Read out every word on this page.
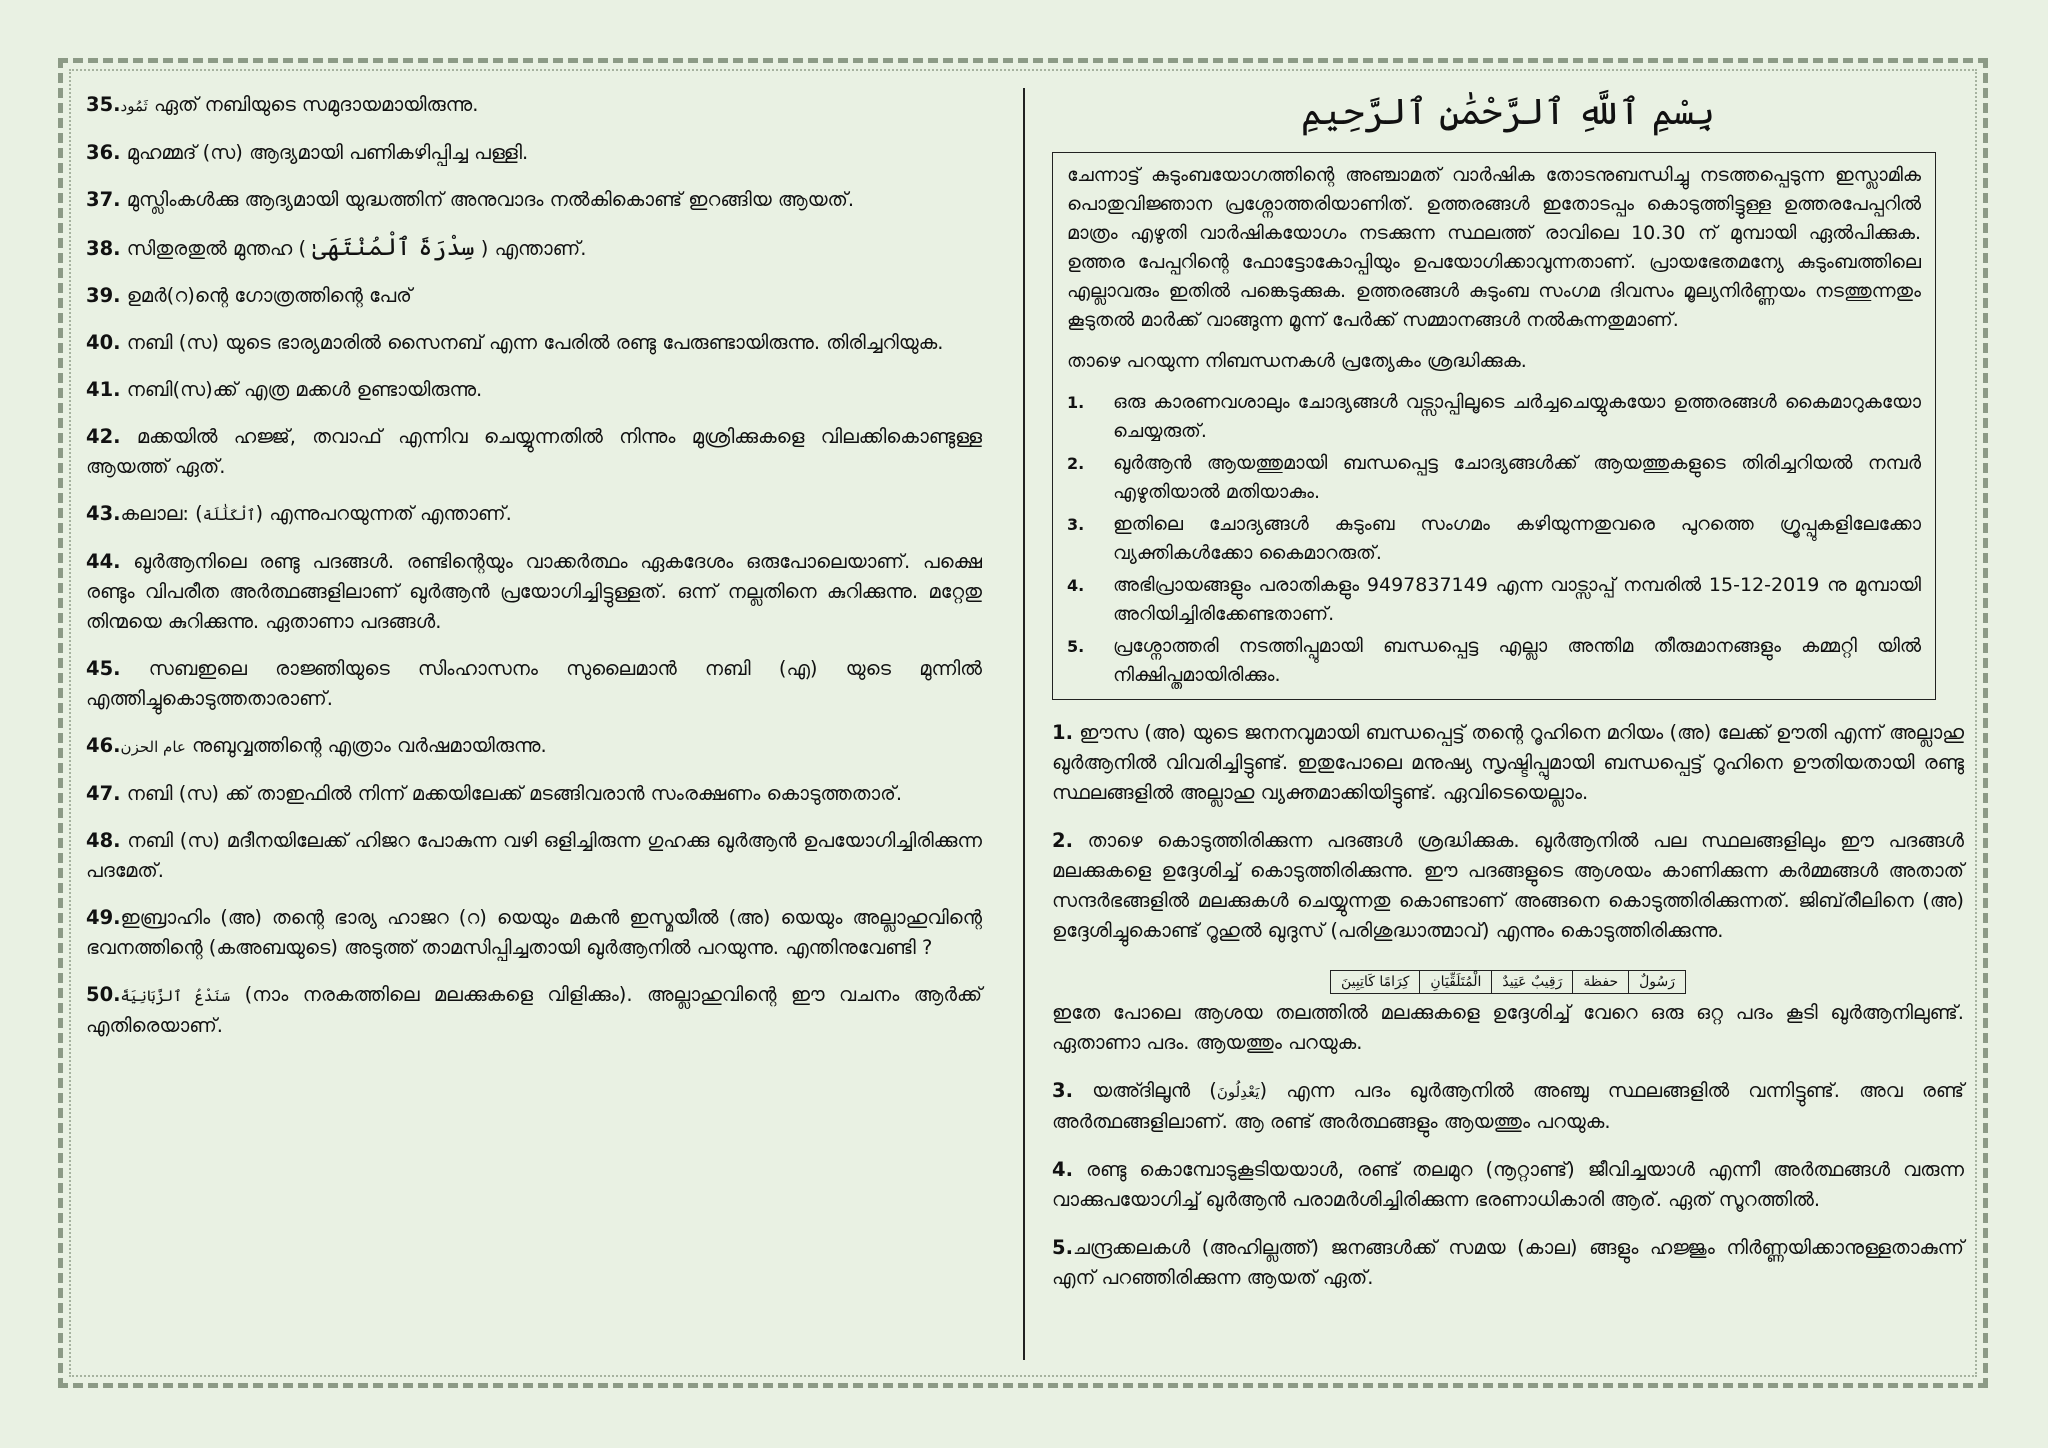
35.ثَمُود ഏത് നബിയുടെ സമുദായമായിരുന്നു.

36. മുഹമ്മദ് (സ) ആദ്യമായി പണികഴിപ്പിച്ച പള്ളി.

37. മുസ്ലിംകൾക്കു ആദ്യമായി യുദ്ധത്തിന് അനുവാദം നൽകികൊണ്ട് ഇറങ്ങിയ ആയത്.

38. സിതുരതുൽ മുന്തഹ ( سِدْرَةَ ٱلْمُنْتَهَىٰ ) എന്താണ്.

39. ഉമർ(റ)ന്റെ ഗോത്രത്തിന്റെ പേര്

40. നബി (സ) യുടെ ഭാര്യമാരിൽ സൈനബ് എന്ന പേരിൽ രണ്ടു പേരുണ്ടായിരുന്നു. തിരിച്ചറിയുക.

41. നബി(സ)ക്ക് എത്ര മക്കൾ ഉണ്ടായിരുന്നു.

42. മക്കയിൽ ഹജ്ജ്, തവാഫ് എന്നിവ ചെയ്യുന്നതിൽ നിന്നും മുശ്രിക്കുകളെ വിലക്കികൊണ്ടുള്ള ആയത്ത് ഏത്.

43.കലാല: (ٱلْكَلَٰلَة) എന്നുപറയുന്നത് എന്താണ്.

44. ഖുർആനിലെ രണ്ടു പദങ്ങൾ. രണ്ടിന്റെയും വാക്കർത്ഥം ഏകദേശം ഒരുപോലെയാണ്. പക്ഷെ രണ്ടും വിപരീത അർത്ഥങ്ങളിലാണ് ഖുർആൻ പ്രയോഗിച്ചിട്ടുള്ളത്. ഒന്ന് നല്ലതിനെ കുറിക്കുന്നു. മറ്റേതു തിന്മയെ കുറിക്കുന്നു. ഏതാണാ പദങ്ങൾ.

45. സബഇലെ രാജ്ഞിയുടെ സിംഹാസനം സുലൈമാൻ നബി (എ) യുടെ മുന്നിൽ എത്തിച്ചുകൊടുത്തതാരാണ്.

46.عام الحزن നുബുവ്വത്തിന്റെ എത്രാം വർഷമായിരുന്നു.

47. നബി (സ) ക്ക് താഇഫിൽ നിന്ന് മക്കയിലേക്ക് മടങ്ങിവരാൻ സംരക്ഷണം കൊടുത്തതാര്.

48. നബി (സ) മദീനയിലേക്ക് ഹിജറ പോകുന്ന വഴി ഒളിച്ചിരുന്ന ഗുഹക്കു ഖുർആൻ ഉപയോഗിച്ചിരിക്കുന്ന പദമേത്.

49.ഇബ്രാഹിം (അ) തന്റെ ഭാര്യ ഹാജറ (റ) യെയും മകൻ ഇസ്മയീൽ (അ) യെയും അല്ലാഹുവിന്റെ ഭവനത്തിന്റെ (കഅബയുടെ) അടുത്ത് താമസിപ്പിച്ചതായി ഖുർആനിൽ പറയുന്നു. എന്തിനുവേണ്ടി ?

50.سَنَدْعُ ٱلزَّبَانِيَةَ (നാം നരകത്തിലെ മലക്കുകളെ വിളിക്കും). അല്ലാഹുവിന്റെ ഈ വചനം ആർക്ക് എതിരെയാണ്.

بِسْمِ ٱللَّهِ ٱلرَّحْمَٰنِ ٱلرَّحِيمِ

ചേന്നാട്ട് കുടുംബയോഗത്തിന്റെ അഞ്ചാമത് വാർഷിക തോടനുബന്ധിച്ചു നടത്തപ്പെടുന്ന ഇസ്ലാമിക പൊതുവിജ്ഞാന പ്രശ്നോത്തരിയാണിത്. ഉത്തരങ്ങൾ ഇതോടപ്പം കൊടുത്തിട്ടുള്ള ഉത്തരപേപ്പറിൽ മാത്രം എഴുതി വാർഷികയോഗം നടക്കുന്ന സ്ഥലത്ത് രാവിലെ 10.30 ന് മുമ്പായി ഏൽപിക്കുക. ഉത്തര പേപ്പറിന്റെ ഫോട്ടോകോപ്പിയും ഉപയോഗിക്കാവുന്നതാണ്. പ്രായഭേതമന്യേ കുടുംബത്തിലെ എല്ലാവരും ഇതിൽ പങ്കെടുക്കുക. ഉത്തരങ്ങൾ കുടുംബ സംഗമ ദിവസം മൂല്യനിർണ്ണയം നടത്തുന്നതും കൂടുതൽ മാർക്ക് വാങ്ങുന്ന മൂന്ന് പേർക്ക് സമ്മാനങ്ങൾ നൽകുന്നതുമാണ്.

താഴെ പറയുന്ന നിബന്ധനകൾ പ്രത്യേകം ശ്രദ്ധിക്കുക.

1.	ഒരു കാരണവശാലും ചോദ്യങ്ങൾ വട്സാപ്പിലൂടെ ചർച്ചചെയ്യുകയോ ഉത്തരങ്ങൾ കൈമാറുകയോ ചെയ്യരുത്.
2.	ഖുർആൻ ആയത്തുമായി ബന്ധപ്പെട്ട ചോദ്യങ്ങൾക്ക് ആയത്തുകളുടെ തിരിച്ചറിയൽ നമ്പർ എഴുതിയാൽ മതിയാകും.
3.	ഇതിലെ ചോദ്യങ്ങൾ കുടുംബ സംഗമം കഴിയുന്നതുവരെ പുറത്തെ ഗ്രൂപ്പുകളിലേക്കോ വ്യക്തികൾക്കോ കൈമാറരുത്.
4.	അഭിപ്രായങ്ങളും പരാതികളും 9497837149 എന്ന വാട്സാപ്പ് നമ്പരിൽ 15-12-2019 നു മുമ്പായി അറിയിച്ചിരിക്കേണ്ടതാണ്.
5.	പ്രശ്നോത്തരി നടത്തിപ്പുമായി ബന്ധപ്പെട്ട എല്ലാ അന്തിമ തീരുമാനങ്ങളും കമ്മറ്റി യിൽ നിക്ഷിപ്തമായിരിക്കും.

1. ഈസ (അ) യുടെ ജനനവുമായി ബന്ധപ്പെട്ട് തന്റെ റൂഹിനെ മറിയം (അ) ലേക്ക് ഊതി എന്ന് അല്ലാഹു ഖുർആനിൽ വിവരിച്ചിട്ടുണ്ട്. ഇതുപോലെ മനുഷ്യ സൃഷ്ടിപ്പുമായി ബന്ധപ്പെട്ട് റൂഹിനെ ഊതിയതായി രണ്ടു സ്ഥലങ്ങളിൽ അല്ലാഹു വ്യക്തമാക്കിയിട്ടുണ്ട്. ഏവിടെയെല്ലാം.

2. താഴെ കൊടുത്തിരിക്കുന്ന പദങ്ങൾ ശ്രദ്ധിക്കുക. ഖുർആനിൽ പല സ്ഥലങ്ങളിലും ഈ പദങ്ങൾ മലക്കുകളെ ഉദ്ദേശിച്ച് കൊടുത്തിരിക്കുന്നു. ഈ പദങ്ങളുടെ ആശയം കാണിക്കുന്ന കർമ്മങ്ങൾ അതാത് സന്ദർഭങ്ങളിൽ മലക്കുകൾ ചെയ്യുന്നതു കൊണ്ടാണ് അങ്ങനെ കൊടുത്തിരിക്കുന്നത്. ജിബ്‌രീലിനെ (അ) ഉദ്ദേശിച്ചുകൊണ്ട് റൂഹുൽ ഖുദുസ് (പരിശുദ്ധാത്മാവ്) എന്നും കൊടുത്തിരിക്കുന്നു.

رَسُولٌ	حفظة	رَقِيبٌ عَتِيدٌ	الْمُتَلَقِّيَانِ	كِرَامًا كَاتِبِينَ
ഇതേ പോലെ ആശയ തലത്തിൽ മലക്കുകളെ ഉദ്ദേശിച്ച് വേറെ ഒരു ഒറ്റ പദം കൂടി ഖുർആനിലുണ്ട്. ഏതാണാ പദം. ആയത്തും പറയുക.

3. യഅ്ദിലൂൻ (يَعْدِلُونَ) എന്ന പദം ഖുർആനിൽ അഞ്ചു സ്ഥലങ്ങളിൽ വന്നിട്ടുണ്ട്. അവ രണ്ട് അർത്ഥങ്ങളിലാണ്. ആ രണ്ട് അർത്ഥങ്ങളും ആയത്തും പറയുക.

4. രണ്ടു കൊമ്പോടുകൂടിയയാൾ, രണ്ട് തലമുറ (നൂറ്റാണ്ട്) ജീവിച്ചയാൾ എന്നീ അർത്ഥങ്ങൾ വരുന്ന വാക്കുപയോഗിച്ച് ഖുർആൻ പരാമർശിച്ചിരിക്കുന്ന ഭരണാധികാരി ആര്. ഏത് സൂറത്തിൽ.

5.ചന്ദ്രക്കലകൾ (അഹില്ലത്ത്) ജനങ്ങൾക്ക് സമയ (കാല) ങ്ങളും ഹജ്ജും നിർണ്ണയിക്കാനുള്ളതാകുന്ന് എന് പറഞ്ഞിരിക്കുന്ന ആയത് ഏത്.
